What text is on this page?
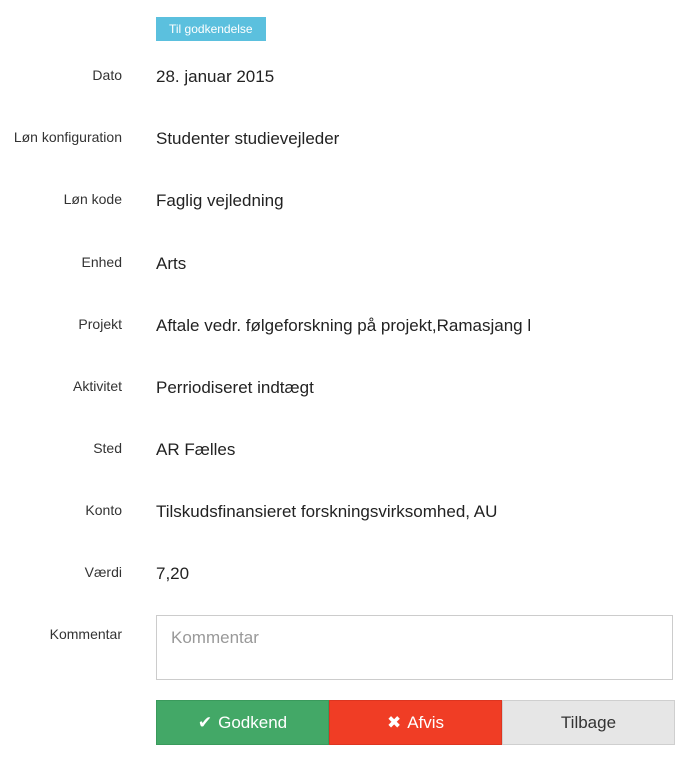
Til godkendelse
Dato 28. januar 2015
Løn konfiguration Studenter studievejleder
Løn kode Faglig vejledning
Enhed Arts
Projekt Aftale vedr. følgeforskning på projekt,Ramasjang l
Aktivitet Perriodiseret indtægt
Sted AR Fælles
Konto Tilskudsfinansieret forskningsvirksomhed, AU
Værdi 7,20
Kommentar
Kommentar
✔ Godkend	✖ Afvis	Tilbage
